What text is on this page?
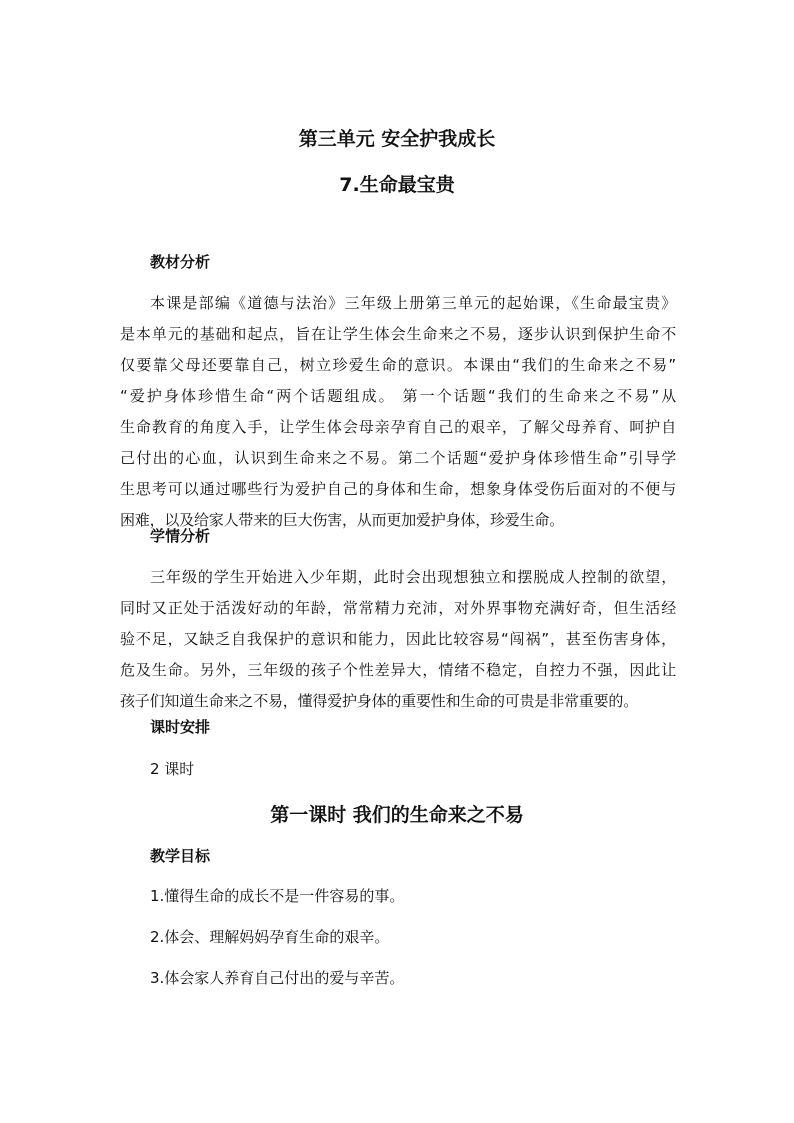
第三单元 安全护我成长
7.生命最宝贵
教材分析
本课是部编《道德与法治》三年级上册第三单元的起始课，《生命最宝贵》
是本单元的基础和起点，旨在让学生体会生命来之不易，逐步认识到保护生命不
仅要靠父母还要靠自己，树立珍爱生命的意识。本课由“我们的生命来之不易”
“爱护身体珍惜生命“两个话题组成。 第一个话题“我们的生命来之不易”从
生命教育的角度入手，让学生体会母亲孕育自己的艰辛，了解父母养育、呵护自
己付出的心血，认识到生命来之不易。第二个话题“爱护身体珍惜生命”引导学
生思考可以通过哪些行为爱护自己的身体和生命，想象身体受伤后面对的不便与
困难，以及给家人带来的巨大伤害，从而更加爱护身体，珍爱生命。
学情分析
三年级的学生开始进入少年期，此时会出现想独立和摆脱成人控制的欲望，
同时又正处于活泼好动的年龄，常常精力充沛，对外界事物充满好奇，但生活经
验不足，又缺乏自我保护的意识和能力，因此比较容易“闯祸”，甚至伤害身体，
危及生命。另外，三年级的孩子个性差异大，情绪不稳定，自控力不强，因此让
孩子们知道生命来之不易，懂得爱护身体的重要性和生命的可贵是非常重要的。
课时安排
2 课时
第一课时 我们的生命来之不易
教学目标
1.懂得生命的成长不是一件容易的事。
2.体会、理解妈妈孕育生命的艰辛。
3.体会家人养育自己付出的爱与辛苦。
